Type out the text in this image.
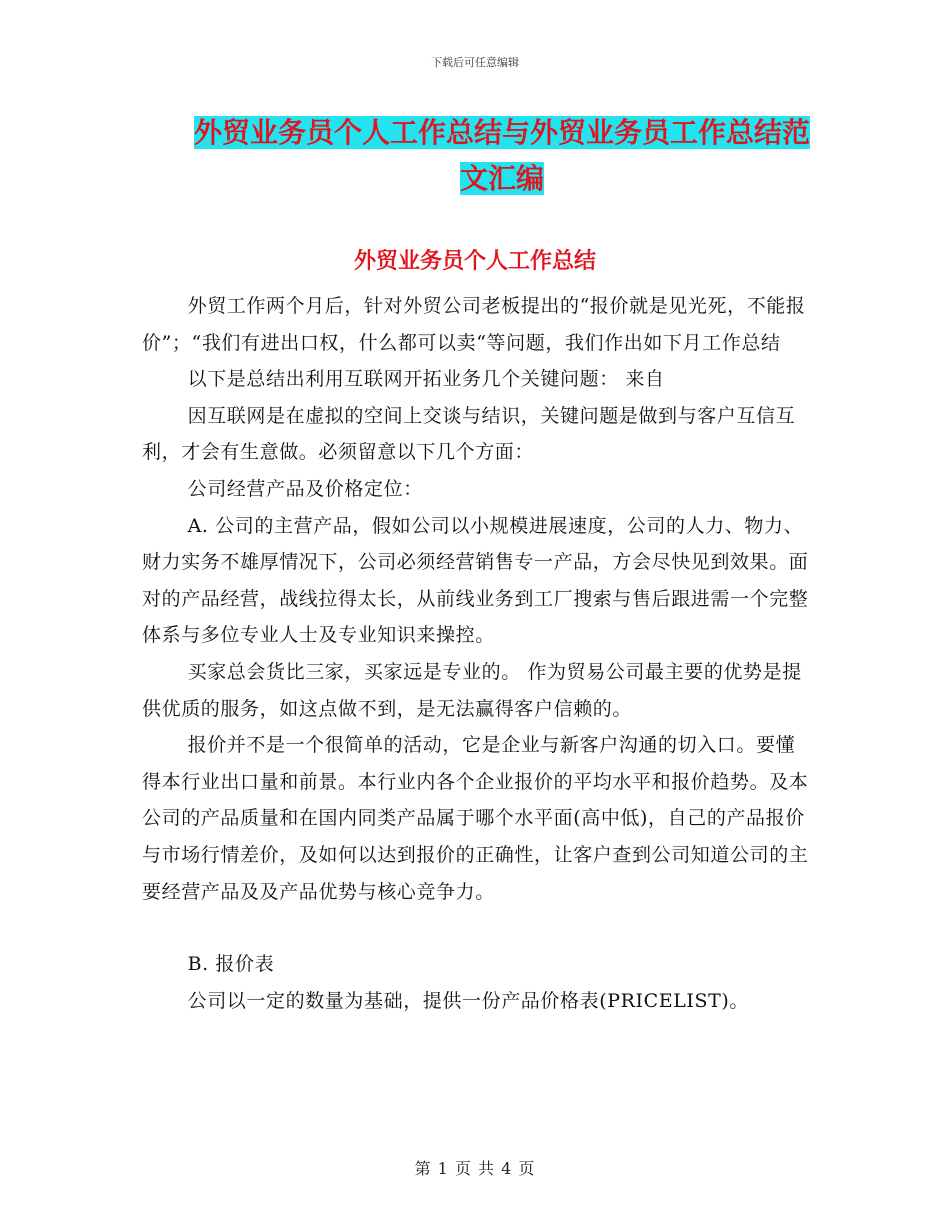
下载后可任意编辑
外贸业务员个人工作总结与外贸业务员工作总结范文汇编
外贸业务员个人工作总结

外贸工作两个月后，针对外贸公司老板提出的“报价就是见光死，不能报价”；“我们有进出口权，什么都可以卖“等问题，我们作出如下月工作总结

以下是总结出利用互联网开拓业务几个关键问题： 来自

因互联网是在虚拟的空间上交谈与结识，关键问题是做到与客户互信互利，才会有生意做。必须留意以下几个方面：

公司经营产品及价格定位：

A. 公司的主营产品，假如公司以小规模进展速度，公司的人力、物力、财力实务不雄厚情况下，公司必须经营销售专一产品，方会尽快见到效果。面对的产品经营，战线拉得太长，从前线业务到工厂搜索与售后跟进需一个完整体系与多位专业人士及专业知识来操控。

买家总会货比三家，买家远是专业的。 作为贸易公司最主要的优势是提供优质的服务，如这点做不到，是无法赢得客户信赖的。

报价并不是一个很简单的活动，它是企业与新客户沟通的切入口。要懂得本行业出口量和前景。本行业内各个企业报价的平均水平和报价趋势。及本公司的产品质量和在国内同类产品属于哪个水平面(高中低)，自己的产品报价与市场行情差价，及如何以达到报价的正确性，让客户查到公司知道公司的主要经营产品及及产品优势与核心竞争力。

B. 报价表

公司以一定的数量为基础，提供一份产品价格表(PRICELIST)。

第 1 页 共 4 页
